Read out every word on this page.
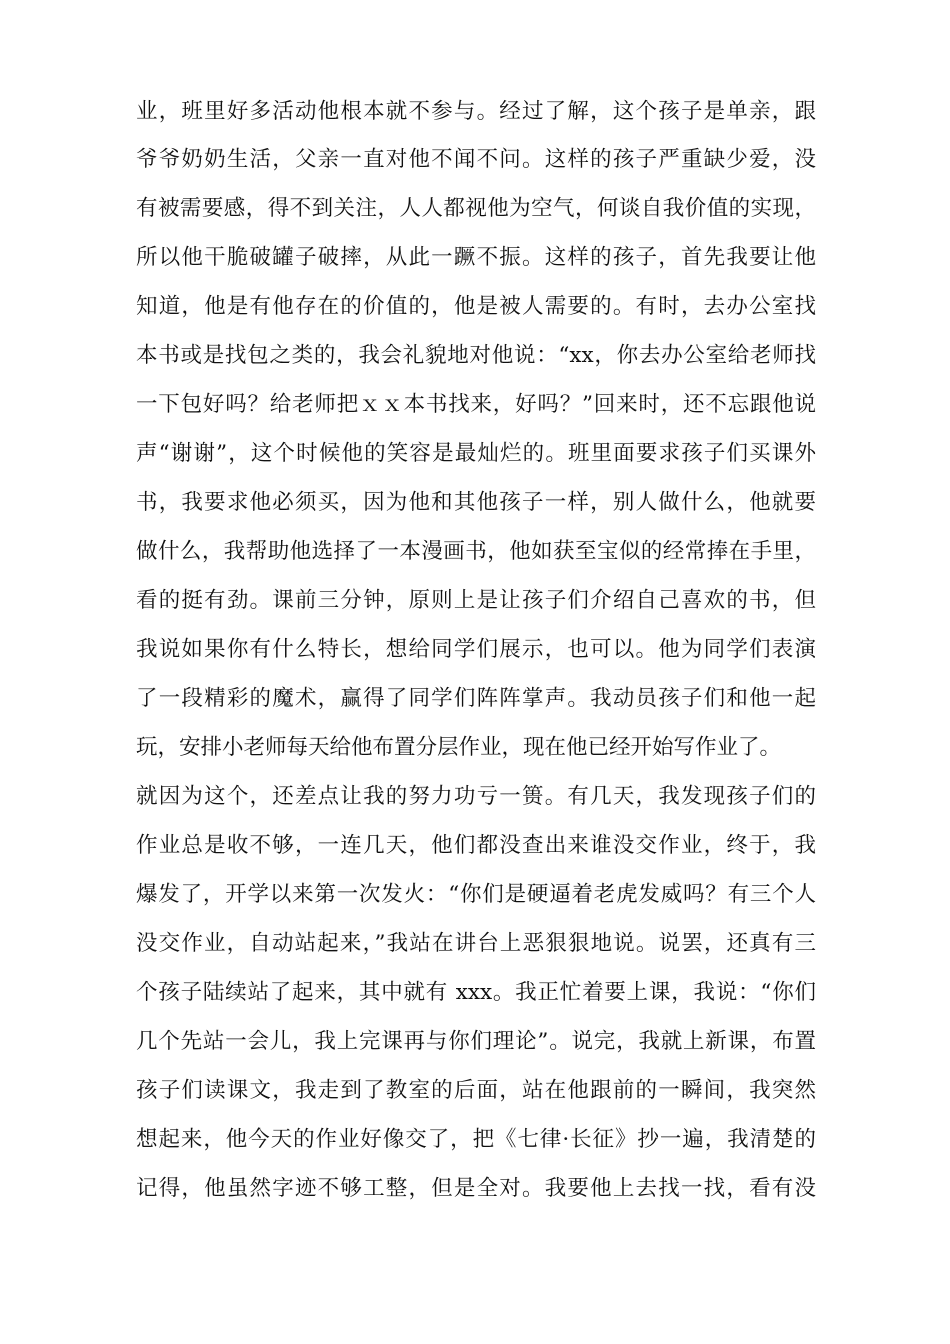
业，班里好多活动他根本就不参与。经过了解，这个孩子是单亲，跟
爷爷奶奶生活，父亲一直对他不闻不问。这样的孩子严重缺少爱，没
有被需要感，得不到关注，人人都视他为空气，何谈自我价值的实现，
所以他干脆破罐子破摔，从此一蹶不振。这样的孩子，首先我要让他
知道，他是有他存在的价值的，他是被人需要的。有时，去办公室找
本书或是找包之类的，我会礼貌地对他说：“xx，你去办公室给老师找
一下包好吗？给老师把ｘｘ本书找来，好吗？”回来时，还不忘跟他说
声“谢谢”，这个时候他的笑容是最灿烂的。班里面要求孩子们买课外
书，我要求他必须买，因为他和其他孩子一样，别人做什么，他就要
做什么，我帮助他选择了一本漫画书，他如获至宝似的经常捧在手里，
看的挺有劲。课前三分钟，原则上是让孩子们介绍自己喜欢的书，但
我说如果你有什么特长，想给同学们展示，也可以。他为同学们表演
了一段精彩的魔术，赢得了同学们阵阵掌声。我动员孩子们和他一起
玩，安排小老师每天给他布置分层作业，现在他已经开始写作业了。
就因为这个，还差点让我的努力功亏一篑。有几天，我发现孩子们的
作业总是收不够，一连几天，他们都没查出来谁没交作业，终于，我
爆发了，开学以来第一次发火：“你们是硬逼着老虎发威吗？有三个人
没交作业，自动站起来，”我站在讲台上恶狠狠地说。说罢，还真有三
个孩子陆续站了起来，其中就有 xxx。我正忙着要上课，我说：“你们
几个先站一会儿，我上完课再与你们理论”。说完，我就上新课，布置
孩子们读课文，我走到了教室的后面，站在他跟前的一瞬间，我突然
想起来，他今天的作业好像交了，把《七律·长征》抄一遍，我清楚的
记得，他虽然字迹不够工整，但是全对。我要他上去找一找，看有没
